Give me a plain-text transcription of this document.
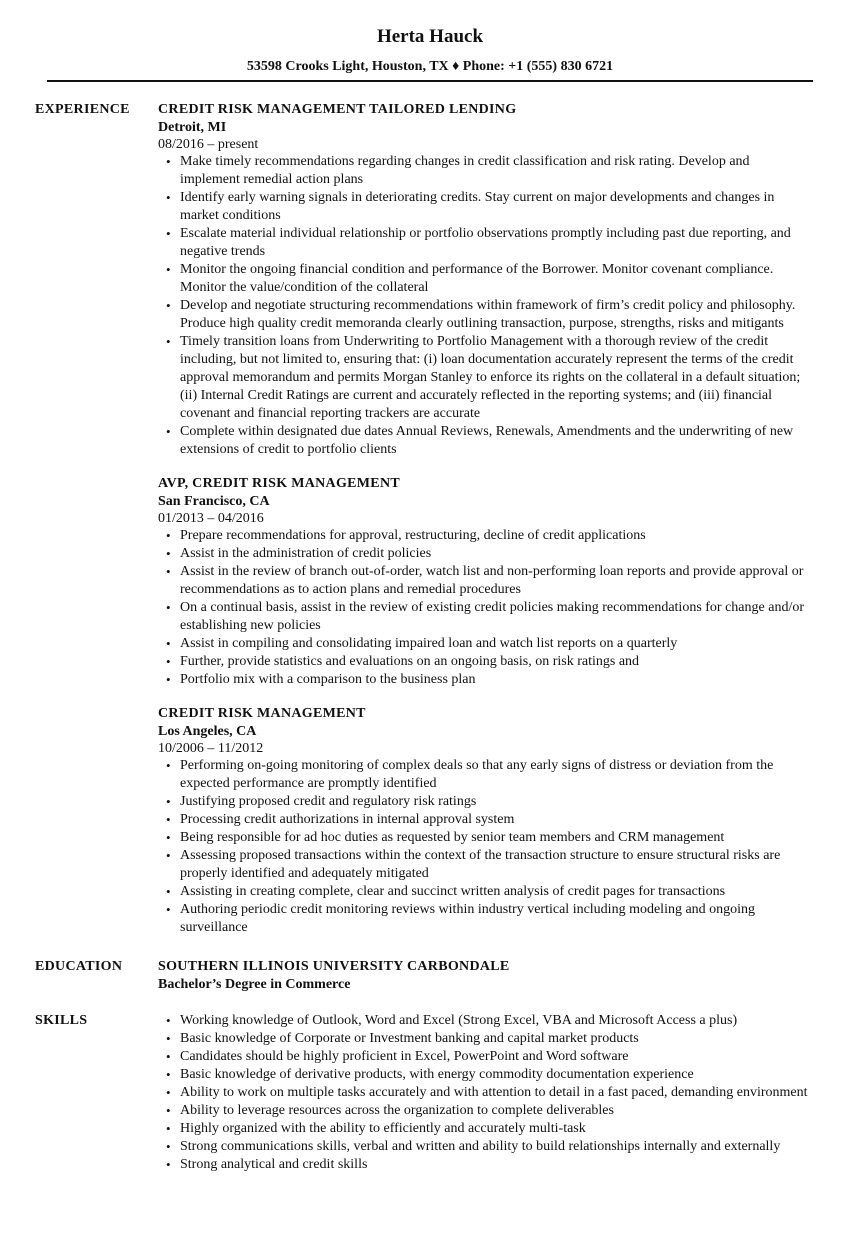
Herta Hauck
53598 Crooks Light, Houston, TX ♦ Phone: +1 (555) 830 6721
EXPERIENCE	CREDIT RISK MANAGEMENT TAILORED LENDING
Detroit, MI
08/2016 – present
• Make timely recommendations regarding changes in credit classification and risk rating. Develop and implement remedial action plans
• Identify early warning signals in deteriorating credits. Stay current on major developments and changes in market conditions
• Escalate material individual relationship or portfolio observations promptly including past due reporting, and negative trends
• Monitor the ongoing financial condition and performance of the Borrower. Monitor covenant compliance. Monitor the value/condition of the collateral
• Develop and negotiate structuring recommendations within framework of firm’s credit policy and philosophy. Produce high quality credit memoranda clearly outlining transaction, purpose, strengths, risks and mitigants
• Timely transition loans from Underwriting to Portfolio Management with a thorough review of the credit including, but not limited to, ensuring that: (i) loan documentation accurately represent the terms of the credit approval memorandum and permits Morgan Stanley to enforce its rights on the collateral in a default situation; (ii) Internal Credit Ratings are current and accurately reflected in the reporting systems; and (iii) financial covenant and financial reporting trackers are accurate
• Complete within designated due dates Annual Reviews, Renewals, Amendments and the underwriting of new extensions of credit to portfolio clients
AVP, CREDIT RISK MANAGEMENT
San Francisco, CA
01/2013 – 04/2016
• Prepare recommendations for approval, restructuring, decline of credit applications
• Assist in the administration of credit policies
• Assist in the review of branch out-of-order, watch list and non-performing loan reports and provide approval or recommendations as to action plans and remedial procedures
• On a continual basis, assist in the review of existing credit policies making recommendations for change and/or establishing new policies
• Assist in compiling and consolidating impaired loan and watch list reports on a quarterly
• Further, provide statistics and evaluations on an ongoing basis, on risk ratings and
• Portfolio mix with a comparison to the business plan
CREDIT RISK MANAGEMENT
Los Angeles, CA
10/2006 – 11/2012
• Performing on-going monitoring of complex deals so that any early signs of distress or deviation from the expected performance are promptly identified
• Justifying proposed credit and regulatory risk ratings
• Processing credit authorizations in internal approval system
• Being responsible for ad hoc duties as requested by senior team members and CRM management
• Assessing proposed transactions within the context of the transaction structure to ensure structural risks are properly identified and adequately mitigated
• Assisting in creating complete, clear and succinct written analysis of credit pages for transactions
• Authoring periodic credit monitoring reviews within industry vertical including modeling and ongoing surveillance
EDUCATION	SOUTHERN ILLINOIS UNIVERSITY CARBONDALE
Bachelor’s Degree in Commerce
SKILLS
•	Working knowledge of Outlook, Word and Excel (Strong Excel, VBA and Microsoft Access a plus)
• Basic knowledge of Corporate or Investment banking and capital market products
• Candidates should be highly proficient in Excel, PowerPoint and Word software
• Basic knowledge of derivative products, with energy commodity documentation experience
• Ability to work on multiple tasks accurately and with attention to detail in a fast paced, demanding environment
• Ability to leverage resources across the organization to complete deliverables
• Highly organized with the ability to efficiently and accurately multi-task
• Strong communications skills, verbal and written and ability to build relationships internally and externally
• Strong analytical and credit skills
